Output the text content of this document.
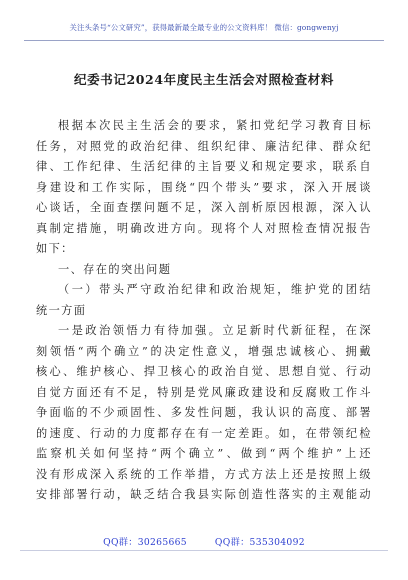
关注头条号“公文研究”，获得最新最全最专业的公文资料库！ 微信：gongwenyj
纪委书记2024年度民主生活会对照检查材料
根据本次民主生活会的要求，紧扣党纪学习教育目标
任务，对照党的政治纪律、组织纪律、廉洁纪律、群众纪
律、工作纪律、生活纪律的主旨要义和规定要求，联系自
身建设和工作实际，围绕“四个带头”要求，深入开展谈
心谈话，全面查摆问题不足，深入剖析原因根源，深入认
真制定措施，明确改进方向。现将个人对照检查情况报告
如下：
一、存在的突出问题
（一）带头严守政治纪律和政治规矩，维护党的团结
统一方面
一是政治领悟力有待加强。立足新时代新征程，在深
刻领悟“两个确立”的决定性意义，增强忠诚核心、拥戴
核心、维护核心、捍卫核心的政治自觉、思想自觉、行动
自觉方面还有不足，特别是党风廉政建设和反腐败工作斗
争面临的不少顽固性、多发性问题，我认识的高度、部署
的速度、行动的力度都存在有一定差距。如，在带领纪检
监察机关如何坚持“两个确立”、做到“两个维护”上还
没有形成深入系统的工作举措，方式方法上还是按照上级
安排部署行动，缺乏结合我县实际创造性落实的主观能动
QQ群：30265665	QQ群：535304092
